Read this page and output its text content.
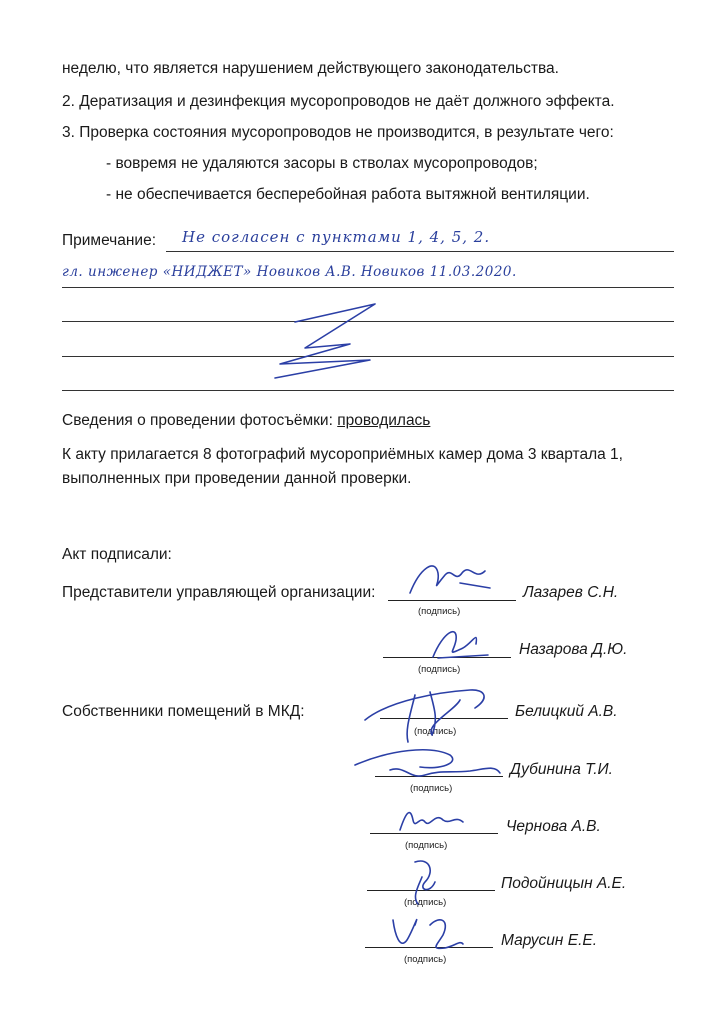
неделю, что является нарушением действующего законодательства.
2. Дератизация и дезинфекция мусоропроводов не даёт должного эффекта.
3. Проверка состояния мусоропроводов не производится, в результате чего:
- вовремя не удаляются засоры в стволах мусоропроводов;
- не обеспечивается бесперебойная работа вытяжной вентиляции.
Примечание: Не согласен с пунктами 1, 4, 5, 2.
гл. инженер «НИДЖЕТ» Новиков А.В. Новиков 11.03.2020.
Сведения о проведении фотосъёмки: проводилась
К акту прилагается 8 фотографий мусороприёмных камер дома 3 квартала 1,
выполненных при проведении данной проверки.
Акт подписали:
Представители управляющей организации:
Собственники помещений в МКД:
(подпись)
Лазарев С.Н.
(подпись)
Назарова Д.Ю.
(подпись)
Белицкий А.В.
(подпись)
Дубинина Т.И.
(подпись)
Чернова А.В.
(подпись)
Подойницын А.Е.
(подпись)
Марусин Е.Е.
